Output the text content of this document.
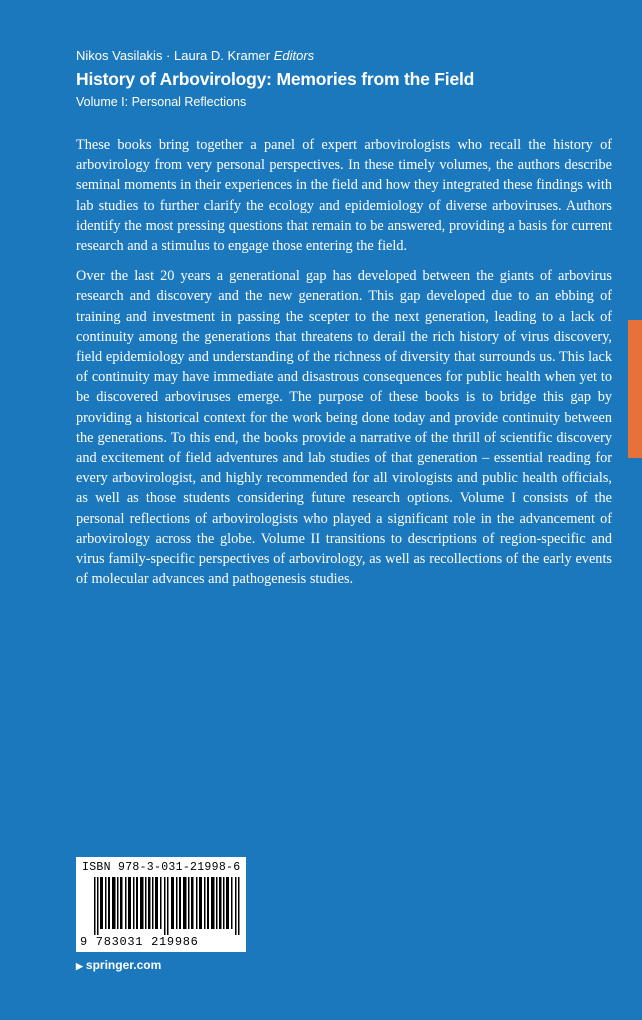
Nikos Vasilakis · Laura D. Kramer Editors
History of Arbovirology: Memories from the Field
Volume I: Personal Reflections

These books bring together a panel of expert arbovirologists who recall the history of arbovirology from very personal perspectives. In these timely volumes, the authors describe seminal moments in their experiences in the field and how they integrated these findings with lab studies to further clarify the ecology and epidemiology of diverse arboviruses. Authors identify the most pressing questions that remain to be answered, providing a basis for current research and a stimulus to engage those entering the field.

Over the last 20 years a generational gap has developed between the giants of arbovirus research and discovery and the new generation. This gap developed due to an ebbing of training and investment in passing the scepter to the next generation, leading to a lack of continuity among the generations that threatens to derail the rich history of virus discovery, field epidemiology and understanding of the richness of diversity that surrounds us. This lack of continuity may have immediate and disastrous consequences for public health when yet to be discovered arboviruses emerge. The purpose of these books is to bridge this gap by providing a historical context for the work being done today and provide continuity between the generations. To this end, the books provide a narrative of the thrill of scientific discovery and excitement of field adventures and lab studies of that generation – essential reading for every arbovirologist, and highly recommended for all virologists and public health officials, as well as those students considering future research options. Volume I consists of the personal reflections of arbovirologists who played a significant role in the advancement of arbovirology across the globe. Volume II transitions to descriptions of region-specific and virus family-specific perspectives of arbovirology, as well as recollections of the early events of molecular advances and pathogenesis studies.

ISBN 978-3-031-21998-6
9 783031 219986
▶ springer.com
